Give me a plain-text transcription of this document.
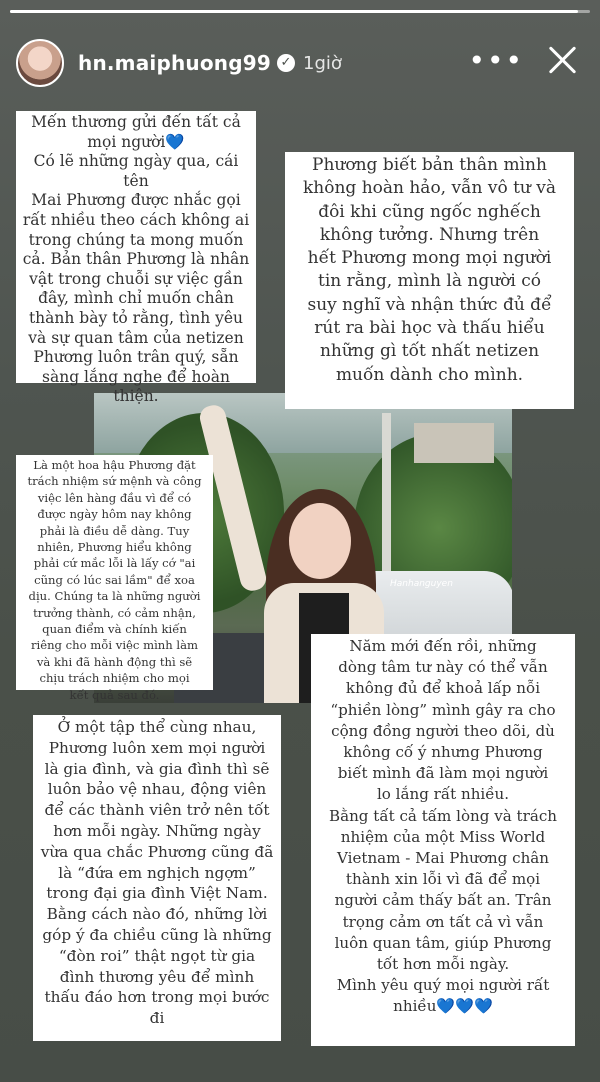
hn.maiphuong99 ✓ 1giờ	•••
Hanhanguyen
Mến thương gửi đến tất cả
mọi người💙
Có lẽ những ngày qua, cái tên
Mai Phương được nhắc gọi
rất nhiều theo cách không ai
trong chúng ta mong muốn
cả. Bản thân Phương là nhân
vật trong chuỗi sự việc gần
đây, mình chỉ muốn chân
thành bày tỏ rằng, tình yêu
và sự quan tâm của netizen
Phương luôn trân quý, sẵn
sàng lắng nghe để hoàn thiện.
Phương biết bản thân mình
không hoàn hảo, vẫn vô tư và
đôi khi cũng ngốc nghếch
không tưởng. Nhưng trên
hết Phương mong mọi người
tin rằng, mình là người có
suy nghĩ và nhận thức đủ để
rút ra bài học và thấu hiểu
những gì tốt nhất netizen
muốn dành cho mình.
Là một hoa hậu Phương đặt
trách nhiệm sứ mệnh và công
việc lên hàng đầu vì để có
được ngày hôm nay không
phải là điều dễ dàng. Tuy
nhiên, Phương hiểu không
phải cứ mắc lỗi là lấy cớ "ai
cũng có lúc sai lầm" để xoa
dịu. Chúng ta là những người
trưởng thành, có cảm nhận,
quan điểm và chính kiến
riêng cho mỗi việc mình làm
và khi đã hành động thì sẽ
chịu trách nhiệm cho mọi
kết quả sau đó.
Năm mới đến rồi, những
dòng tâm tư này có thể vẫn
không đủ để khoả lấp nỗi
“phiền lòng” mình gây ra cho
cộng đồng người theo dõi, dù
không cố ý nhưng Phương
biết mình đã làm mọi người
lo lắng rất nhiều.
Bằng tất cả tấm lòng và trách
nhiệm của một Miss World
Vietnam - Mai Phương chân
thành xin lỗi vì đã để mọi
người cảm thấy bất an. Trân
trọng cảm ơn tất cả vì vẫn
luôn quan tâm, giúp Phương
tốt hơn mỗi ngày.
Mình yêu quý mọi người rất
nhiều💙💙💙
Ở một tập thể cùng nhau,
Phương luôn xem mọi người
là gia đình, và gia đình thì sẽ
luôn bảo vệ nhau, động viên
để các thành viên trở nên tốt
hơn mỗi ngày. Những ngày
vừa qua chắc Phương cũng đã
là “đứa em nghịch ngợm”
trong đại gia đình Việt Nam.
Bằng cách nào đó, những lời
góp ý đa chiều cũng là những
“đòn roi” thật ngọt từ gia
đình thương yêu để mình
thấu đáo hơn trong mọi bước
đi
